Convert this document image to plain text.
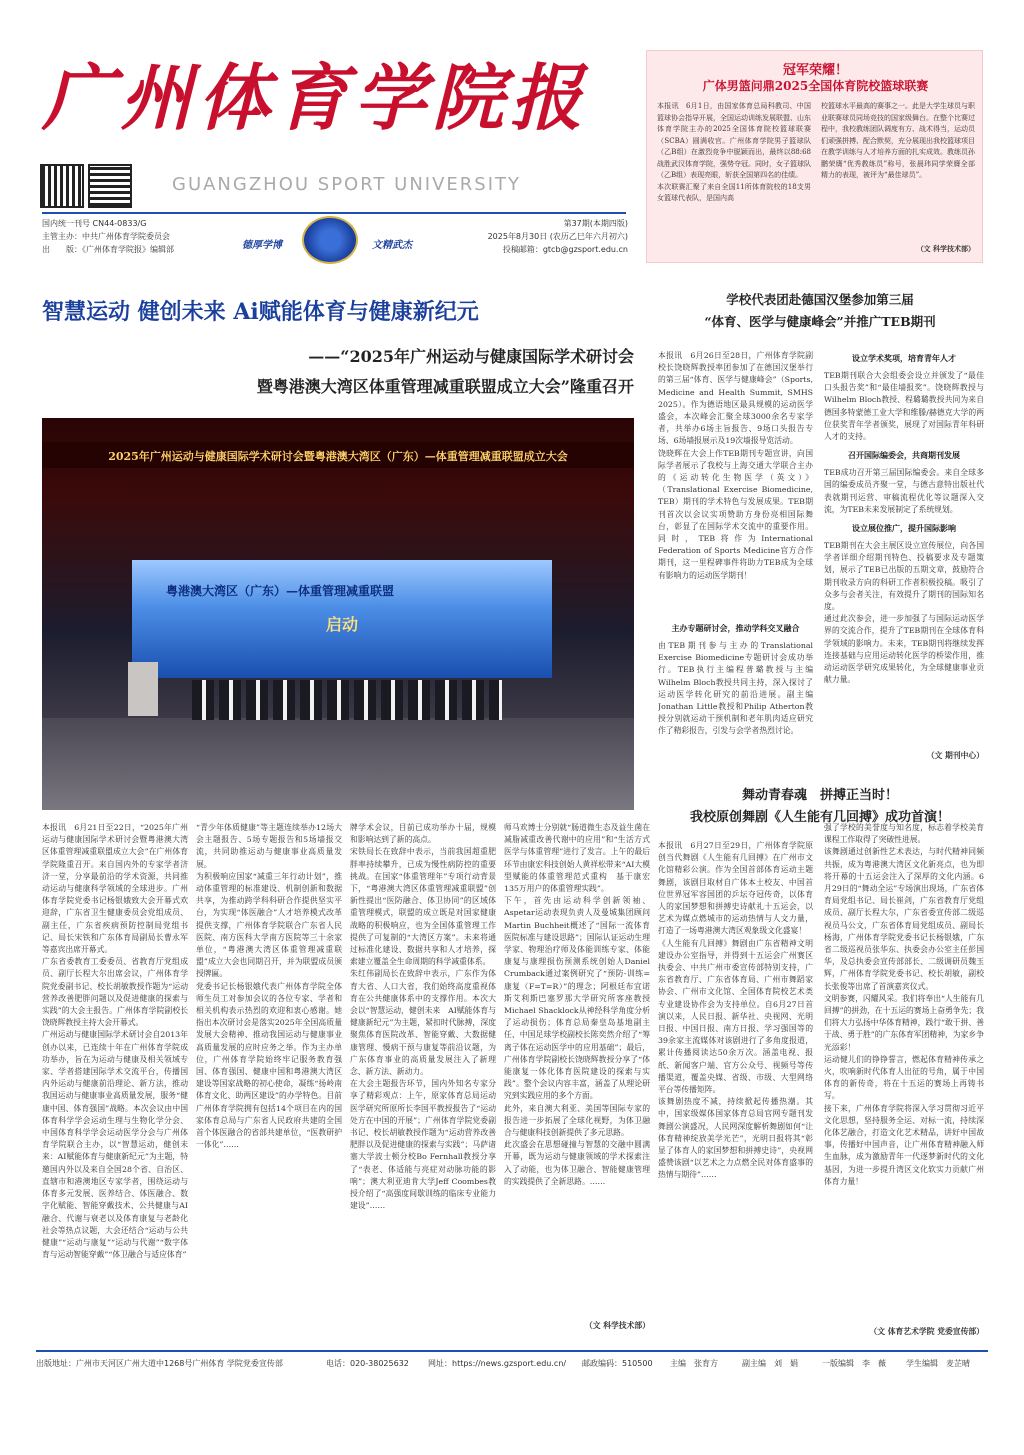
广州体育学院报
GUANGZHOU SPORT UNIVERSITY
国内统一刊号 CN44-0833/G
主管主办：中共广州体育学院委员会
出　　版：《广州体育学院报》编辑部	德厚学博	文精武杰
第37期(本期四版)
2025年8月30日 (农历乙巳年六月初六)
投稿邮箱：gtcb@gzsport.edu.cn
冠军荣耀！
广体男篮问鼎2025全国体育院校篮球联赛
本报讯　6月1日，由国家体育总局科教司、中国篮球协会指导开展，全国运动训练发展联盟、山东体育学院主办的2025全国体育院校篮球联赛（SCBA）圆满收官。广州体育学院男子篮球队（乙B组）在激烈竞争中脱颖而出，最终以88:68战胜武汉体育学院，强势夺冠。同时，女子篮球队（乙B组）表现亮眼，斩获全国第四名的佳绩。
本次联赛汇聚了来自全国11所体育院校的18支男女篮球代表队，是国内高
校篮球水平最高的赛事之一。此是大学生球员与职业联赛球员同场竞技的国家级舞台。在整个比赛过程中，我校教练团队调度有方、战术得当，运动员们顽强拼搏、配合默契，充分展现出我校篮球项目在教学训练与人才培养方面的扎实成效。教练员孙鹏荣膺“优秀教练员”称号，张晨玮同学荣膺全部精力的表现，被评为“最佳球员”。
（文 科学技术部）
智慧运动 健创未来 Ai赋能体育与健康新纪元
——“2025年广州运动与健康国际学术研讨会
暨粤港澳大湾区体重管理减重联盟成立大会”隆重召开
2025年广州运动与健康国际学术研讨会暨粤港澳大湾区（广东）—体重管理减重联盟成立大会
粤港澳大湾区（广东）—体重管理减重联盟
启动
本报讯　6月21日至22日，“2025年广州运动与健康国际学术研讨会暨粤港澳大湾区体重管理减重联盟成立大会”在广州体育学院隆重召开。来自国内外的专家学者济济一堂，分享最前沿的学术资源，共同推动运动与健康科学领域的全球进步。广州体育学院党委书记杨银娥致大会开幕式欢迎辞，广东省卫生健康委员会党组成员、副主任，广东省疾病预防控制局党组书记、局长宋铁和广东体育局副局长曹永军等嘉宾出席开幕式。
广东省委教育工委委员、省教育厅党组成员、副厅长程大尔出席会议，广州体育学院党委副书记、校长胡敏教授作题为“运动营养改善肥胖问题以及促进健康的探索与实践”的大会主报告。广州体育学院副校长饶晓辉教授主持大会开幕式。
广州运动与健康国际学术研讨会自2013年创办以来，已连续十年在广州体育学院成功举办，旨在为运动与健康及相关领域专家、学者搭建国际学术交流平台，传播国内外运动与健康前沿理论、新方法，推动我国运动与健康事业高质量发展，服务“健康中国、体育强国”战略。本次会议由中国体育科学学会运动生理与生物化学分会、中国体育科学学会运动医学分会与广州体育学院联合主办，以“智慧运动，健创未来：AI赋能体育与健康新纪元”为主题，特邀国内外以及来自全国28个省、自治区、直辖市和港澳地区专家学者，围绕运动与体育多元发展、医养结合、体医融合、数字化赋能、智能穿戴技术、公共健康与AI融合、代谢与衰老以及体育康复与老龄化社会等热点议题，大会还结合“运动与公共健康”“运动与康复”“运动与代谢”“数字体育与运动智能穿戴”“体卫融合与适应体育”
“青少年体质健康”等主题连续举办12场大会主题报告、5场专题报告和5场墙报交流，共同助推运动与健康事业高质量发展。
为积极响应国家“减重三年行动计划”，推动体重管理的标准建设、机制创新和数据共享，为推动跨学科科研合作提供坚实平台，为实现“体医融合”人才培养模式改革提供支撑，广州体育学院联合广东省人民医院、南方医科大学南方医院等三十余家单位，“粤港澳大湾区体重管理减重联盟”成立大会也同期召开，并为联盟成员颁授牌匾。
党委书记长杨银娥代表广州体育学院全体师生员工对参加会议的各位专家、学者和相关机构表示热烈的欢迎和衷心感谢。她指出本次研讨会是落实2025年全国高质量发展大会精神、推动我国运动与健康事业高质量发展的应时应务之举。作为主办单位，广州体育学院始终牢记服务教育强国、体育强国、健康中国和粤港澳大湾区建设等国家战略的初心使命，凝练“扬岭南体育文化、助两区建设”的办学特色。目前广州体育学院拥有包括14个项目在内的国家体育总局与广东省人民政府共建的全国首个体医融合的省部共建单位，“医教研护一体化”……
牌学术会议，目前已成功举办十届，规模和影响达到了新的高点。
宋铁局长在致辞中表示，当前我国超重肥胖率持续攀升，已成为慢性病防控的重要挑战。在国家“体重管理年”专项行动背景下，“粤港澳大湾区体重管理减重联盟”创新性提出“医防融合、体卫协同”的区域体重管理模式，联盟的成立既是对国家健康战略的积极响应，也为全国体重管理工作提供了可复制的“大湾区方案”。未来将通过标准化建设、数据共享和人才培养，探索建立覆盖全生命周期的科学减重体系。
朱红伟副局长在致辞中表示，广东作为体育大省、人口大省，我们始终高度重视体育在公共健康体系中的支撑作用。本次大会以“智慧运动，健创未来　AI赋能体育与健康新纪元”为主题，紧扣时代脉搏，深度聚焦体育医院改革、智能穿戴、大数据健康管理、慢病干预与康复等前沿议题，为广东体育事业的高质量发展注入了新理念、新方法、新动力。
在大会主题报告环节，国内外知名专家分享了精彩观点：上午，原家体育总局运动医学研究所原所长李国平教授报告了“运动处方在中国的开展”；广州体育学院党委副书记、校长胡敏教授作题为“运动营养改善肥胖以及促进健康的探索与实践”；马萨诸塞大学波士顿分校Bo Fernhall教授分享了“表老、体适能与亮症对动脉功能的影响”；澳大利亚迪肯大学Jeff Coombes教授介绍了“高强度间歇训练的临床专业能力建设”……
师马欢博士分别就“肠道微生态及益生菌在减脂减重改善代谢中的应用”和“生活方式医学与体重管理”进行了发言。上午的最后环节由康宏科技创始人黄祥松带来“AI大模型赋能的体重管理范式重构　基于康宏135万用户的体重管理实践”。
下午，首先由运动科学创新领袖、Aspetar运动表现负责人及曼城集团顾问Martin Buchheit概述了“国际一流体育医院标准与建设思路”；国际认证运动生理学家、物理治疗师及体能训练专家、体能康复与康理损伤预测系统创始人Daniel Crumback通过案例研究了“预防-训练=康复（F=T=R）”的理念；阿根廷布宜诺斯艾利斯巴塞罗那大学研究所客座教授Michael Shacklock从神经科学角度分析了运动损伤；体育总局秦皇岛基地副主任、中国足球学校副校长陈奕然介绍了“筹离子体在运动医学中的应用基础”；最后，广州体育学院副校长饶晓辉教授分享了“体能康复一体化体育医院建设的探索与实践”。整个会议内容丰富，涵盖了从理论研究到实践应用的多个方面。
此外，来自澳大利亚、美国等国际专家的报告进一步拓展了全球化视野，为体卫融合与健康科技创新提供了多元思路。
此次盛会在思想碰撞与智慧的交融中圆满开幕，既为运动与健康领域的学术探索注入了动能，也为体卫融合、智能健康管理的实践提供了全新思路。……
（文 科学技术部）
学校代表团赴德国汉堡参加第三届
“体育、医学与健康峰会”并推广TEB期刊
本报讯　6月26日至28日，广州体育学院副校长饶晓辉教授率团参加了在德国汉堡举行的第三届“体育、医学与健康峰会”（Sports, Medicine and Health Summit, SMHS 2025）。作为德语地区最具规模的运动医学盛会，本次峰会汇聚全球3000余名专家学者，共举办6场主旨报告、9场口头报告专场、6场墙报展示及19次墙报导览活动。
饶晓辉在大会上作TEB期刊专题宣讲，向国际学者展示了我校与上海交通大学联合主办的《运动转化生物医学（英文）》（Translational Exercise Biomedicine, TEB）期刊的学术特色与发展成果。TEB期刊首次以会议实项赞助方身份亮相国际舞台，彰显了在国际学术交流中的重要作用。同时，TEB将作为International Federation of Sports Medicine官方合作期刊，这一里程碑事件将助力TEB成为全球有影响力的运动医学期刊！
主办专题研讨会，推动学科交叉融合
由TEB期刊参与主办的Translational Exercise Biomedicine专题研讨会成功举行。TEB执行主编程普璐教授与主编Wilhelm Bloch教授共同主持，深入探讨了运动医学转化研究的前沿进展。副主编Jonathan Little教授和Philip Atherton教授分别就运动干预机制和老年肌肉适应研究作了精彩报告，引发与会学者热烈讨论。
设立学术奖项，培育青年人才
TEB期刊联合大会组委会设立并颁发了“最佳口头报告奖”和“最佳墙报奖”。饶晓辉教授与Wilhelm Bloch教授、程璐璐教授共同为来自德国多特蒙德工业大学和维滕/赫德克大学的两位获奖青年学者颁奖，展现了对国际青年科研人才的支持。
召开国际编委会，共商期刊发展
TEB成功召开第三届国际编委会。来自全球多国的编委成员齐聚一堂，与德古意特出版社代表就期刊运营、审稿流程优化等议题深入交流，为TEB未来发展制定了系统规划。
设立展位推广，提升国际影响
TEB期刊在大会主展区设立宣传展位，向各国学者详细介绍期刊特色、投稿要求及专题策划，展示了TEB已出版的五期文章，鼓励符合期刊收录方向的科研工作者积极投稿。吸引了众多与会者关注，有效提升了期刊的国际知名度。
通过此次参会，进一步加强了与国际运动医学界的交流合作，提升了TEB期刊在全球体育科学领域的影响力。未来，TEB期刊将继续发挥连接基础与应用运动转化医学的桥梁作用，推动运动医学研究成果转化，为全球健康事业贡献力量。
（文 期刊中心）
舞动青春魂　拼搏正当时！
我校原创舞剧《人生能有几回搏》成功首演！
本报讯　6月27日至29日，广州体育学院原创当代舞剧《人生能有几回搏》在广州市文化馆精彩公演。作为全国首部体育运动主题舞剧，该剧目取材自广体本土校友、中国首位世界冠军容国团的乒坛夺冠传奇，以体育人的家国梦想和拼搏史诗献礼十五运会，以艺术为媒点燃城市的运动热情与人文力量，打造了一场粤港澳大湾区观象级文化盛宴！
《人生能有几回搏》舞剧由广东省精神文明建设办公室指导，并得到十五运会广州赛区执委会、中共广州市委宣传部特别支持，广东省教育厅、广东省体育局、广州市舞蹈家协会、广州市文化馆、全国体育院校艺术类专业建设协作会为支持单位。自6月27日首演以来，人民日报、新华社、央视网、光明日报、中国日报、南方日报、学习强国等的39余家主流媒体对该剧进行了多角度报道，累计传播阅读达50余万次。涵盖电视、报纸、新闻客户端、官方公众号、视频号等传播渠道，覆盖央媒、省级、市级、大型网络平台等传播矩阵。
该舞剧热度不减，持续掀起传播热潮。其中，国家级媒体国家体育总局官网专题刊发舞剧公演盛况，人民网深度解析舞剧如何“让体育精神绽放美学光芒”，光明日报将其“彰显了体育人的家国梦想和拼搏史诗”，央视网盛赞该剧“以艺术之力点燃全民对体育盛事的热情与期待”……
强了学校的美誉度与知名度，标志着学校美育课程工作取得了突破性进展。
该舞剧通过创新性艺术表达，与时代精神同频共振，成为粤港澳大湾区文化新亮点，也为即将开幕的十五运会注入了深厚的文化内涵。6月29日的“舞动全运”专场演出现场，广东省体育局党组书记、局长崔剑，广东省教育厅党组成员、副厅长程大尔，广东省委宣传部二级巡视员马公文，广东省体育局党组成员、副局长杨海，广州体育学院党委书记长杨银娥，广东省二级巡视员张华东、执委会办公室主任彭国华，及总执委会宣传部部长、二级调研员魏玉辉，广州体育学院党委书记、校长胡敏，副校长张俊等出席了首演嘉宾仪式。
文明参赛，闪耀风采。我们将奉出“人生能有几回搏”的拼劲，在十五运的赛场上奋勇争先；我们将大力弘扬中华体育精神，践行“敢于拼、善于战、勇于胜”的广东体育军团精神，为家乡争光添彩！
运动健儿们的铮铮誓言，燃起体育精神传承之火，吹响新时代体育人出征的号角，属于中国体育的新传奇，将在十五运的赛场上再铸书写。
接下来，广州体育学院将深入学习贯彻习近平文化思想，坚持服务全运、对标一流，持续深化体艺融合，打造文化艺术精品，讲好中国故事，传播好中国声音，让广州体育精神融入师生血脉，成为激励青年一代逐梦新时代的文化基因，为进一步提升湾区文化软实力贡献广州体育力量！
（文 体育艺术学院 党委宣传部）
出版地址：广州市天河区广州大道中1268号广州体育 学院党委宣传部	电话：020-38025632 网址：https://news.gzsport.edu.cn/ 邮政编码：510500 主编　张育方	副主编　刘　娟	一版编辑　李　薇	学生编辑　麦芷晴
